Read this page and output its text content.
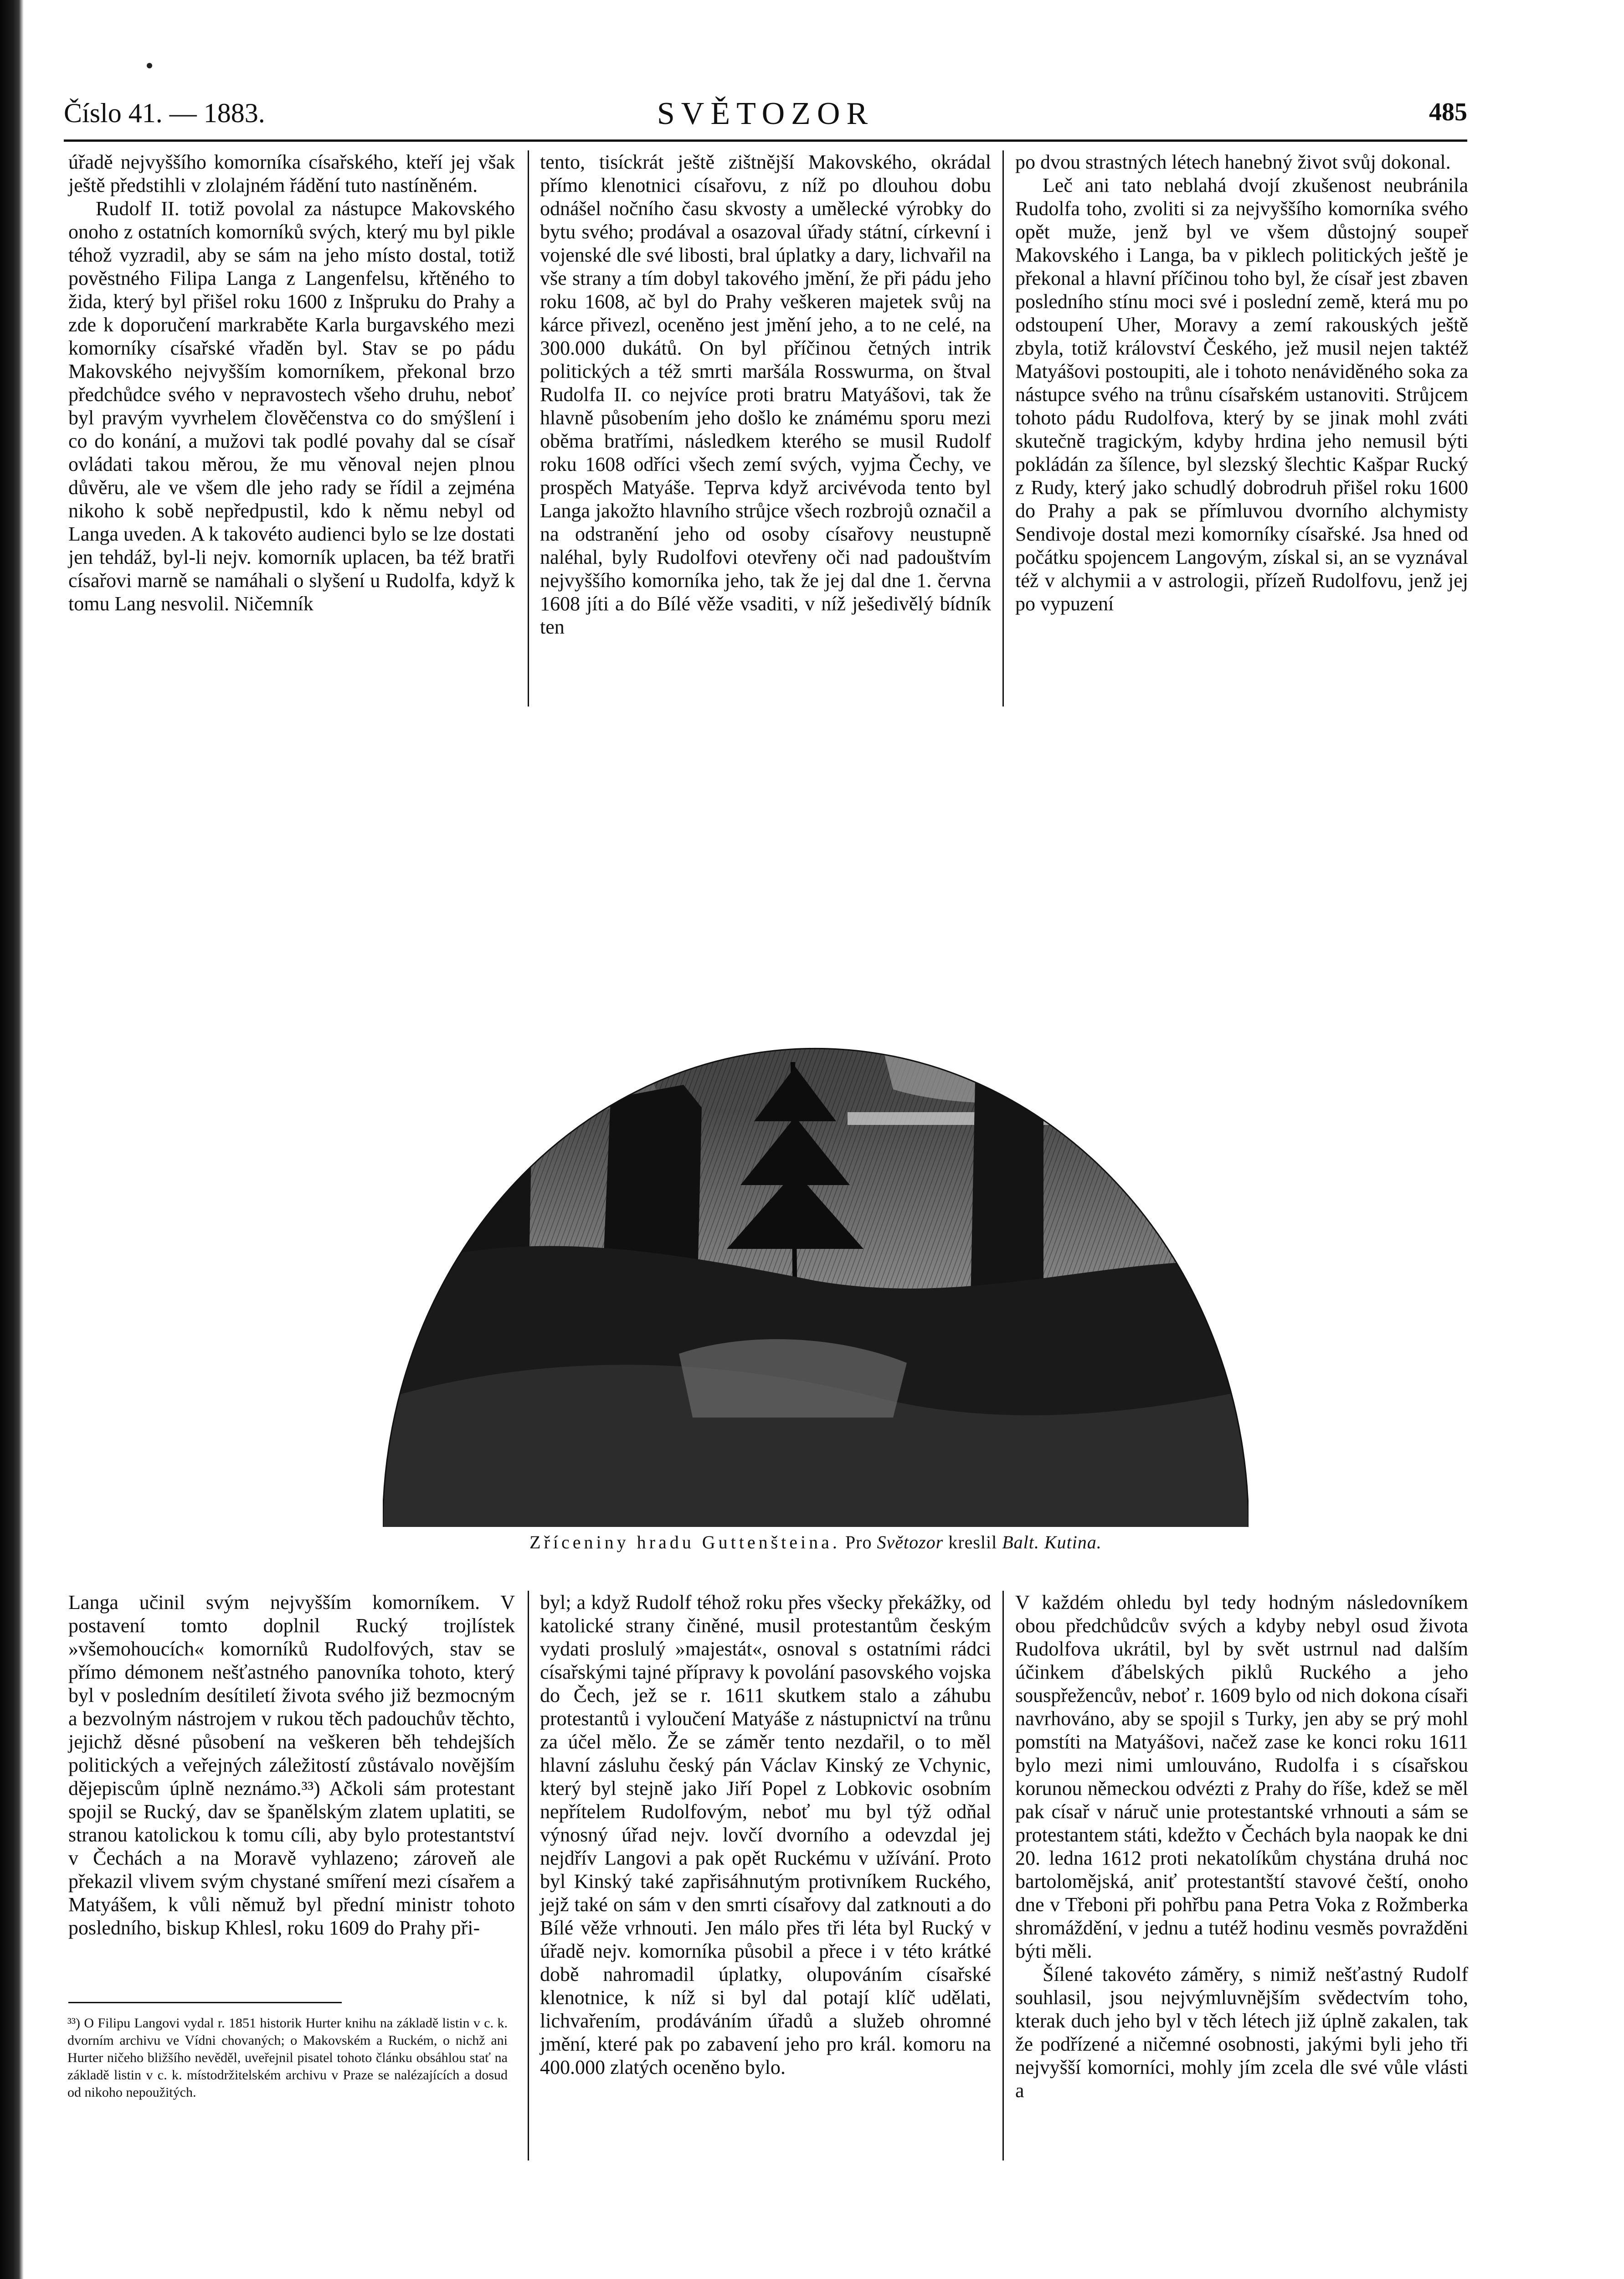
Číslo 41. — 1883.	SVĚTOZOR	485

úřadě nejvyššího komorníka císařského, kteří jej však ještě předstihli v zlolajném řádění tuto nastíněném.

Rudolf II. totiž povolal za nástupce Makovského onoho z ostatních komorníků svých, který mu byl pikle téhož vyzradil, aby se sám na jeho místo dostal, totiž pověstného Filipa Langa z Langenfelsu, křtěného to žida, který byl přišel roku 1600 z Inšpruku do Prahy a zde k doporučení markraběte Karla burgavského mezi komorníky císařské vřaděn byl. Stav se po pádu Makovského nejvyšším komorníkem, překonal brzo předchůdce svého v nepravostech všeho druhu, neboť byl pravým vyvrhelem člověčenstva co do smýšlení i co do konání, a mužovi tak podlé povahy dal se císař ovládati takou měrou, že mu věnoval nejen plnou důvěru, ale ve všem dle jeho rady se řídil a zejména nikoho k sobě nepředpustil, kdo k němu nebyl od Langa uveden. A k takovéto audienci bylo se lze dostati jen tehdáž, byl-li nejv. komorník uplacen, ba též bratři císařovi marně se namáhali o slyšení u Rudolfa, když k tomu Lang nesvolil. Ničemník

tento, tisíckrát ještě zištnější Makovského, okrádal přímo klenotnici císařovu, z níž po dlouhou dobu odnášel nočního času skvosty a umělecké výrobky do bytu svého; prodával a osazoval úřady státní, církevní i vojenské dle své libosti, bral úplatky a dary, lichvařil na vše strany a tím dobyl takového jmění, že při pádu jeho roku 1608, ač byl do Prahy veškeren majetek svůj na kárce přivezl, oceněno jest jmění jeho, a to ne celé, na 300.000 dukátů. On byl příčinou četných intrik politických a též smrti maršála Rosswurma, on štval Rudolfa II. co nejvíce proti bratru Matyášovi, tak že hlavně působením jeho došlo ke známému sporu mezi oběma bratřími, následkem kterého se musil Rudolf roku 1608 odříci všech zemí svých, vyjma Čechy, ve prospěch Matyáše. Teprva když arcivévoda tento byl Langa jakožto hlavního strůjce všech rozbrojů označil a na odstranění jeho od osoby císařovy neustupně naléhal, byly Rudolfovi otevřeny oči nad padouštvím nejvyššího komorníka jeho, tak že jej dal dne 1. června 1608 jíti a do Bílé věže vsaditi, v níž ješedivělý bídník ten

po dvou strastných létech hanebný život svůj dokonal.

Leč ani tato neblahá dvojí zkušenost neubránila Rudolfa toho, zvoliti si za nejvyššího komorníka svého opět muže, jenž byl ve všem důstojný soupeř Makovského i Langa, ba v piklech politických ještě je překonal a hlavní příčinou toho byl, že císař jest zbaven posledního stínu moci své i poslední země, která mu po odstoupení Uher, Moravy a zemí rakouských ještě zbyla, totiž království Českého, jež musil nejen taktéž Matyášovi postoupiti, ale i tohoto nenáviděného soka za nástupce svého na trůnu císařském ustanoviti. Strůjcem tohoto pádu Rudolfova, který by se jinak mohl zváti skutečně tragickým, kdyby hrdina jeho nemusil býti pokládán za šílence, byl slezský šlechtic Kašpar Rucký z Rudy, který jako schudlý dobrodruh přišel roku 1600 do Prahy a pak se přímluvou dvorního alchymisty Sendivoje dostal mezi komorníky císařské. Jsa hned od počátku spojencem Langovým, získal si, an se vyznával též v alchymii a v astrologii, přízeň Rudolfovu, jenž jej po vypuzení

Zříceniny hradu Guttenšteina. Pro Světozor kreslil Balt. Kutina.

Langa učinil svým nejvyšším komorníkem. V postavení tomto doplnil Rucký trojlístek »všemohoucích« komorníků Rudolfových, stav se přímo démonem nešťastného panovníka tohoto, který byl v posledním desítiletí života svého již bezmocným a bezvolným nástrojem v rukou těch padouchův těchto, jejichž děsné působení na veškeren běh tehdejších politických a veřejných záležitostí zůstávalo novějším dějepiscům úplně neznámo.³³) Ačkoli sám protestant spojil se Rucký, dav se španělským zlatem uplatiti, se stranou katolickou k tomu cíli, aby bylo protestantství v Čechách a na Moravě vyhlazeno; zároveň ale překazil vlivem svým chystané smíření mezi císařem a Matyášem, k vůli němuž byl přední ministr tohoto posledního, biskup Khlesl, roku 1609 do Prahy při-

³³) O Filipu Langovi vydal r. 1851 historik Hurter knihu na základě listin v c. k. dvorním archivu ve Vídni chovaných; o Makovském a Ruckém, o nichž ani Hurter ničeho bližšího nevěděl, uveřejnil pisatel tohoto článku obsáhlou stať na základě listin v c. k. místodržitelském archivu v Praze se nalézajících a dosud od nikoho nepoužitých.

byl; a když Rudolf téhož roku přes všecky překážky, od katolické strany činěné, musil protestantům českým vydati proslulý »majestát«, osnoval s ostatními rádci císařskými tajné přípravy k povolání pasovského vojska do Čech, jež se r. 1611 skutkem stalo a záhubu protestantů i vyloučení Matyáše z nástupnictví na trůnu za účel mělo. Že se záměr tento nezdařil, o to měl hlavní zásluhu český pán Václav Kinský ze Vchynic, který byl stejně jako Jiří Popel z Lobkovic osobním nepřítelem Rudolfovým, neboť mu byl týž odňal výnosný úřad nejv. lovčí dvorního a odevzdal jej nejdřív Langovi a pak opět Ruckému v užívání. Proto byl Kinský také zapřisáhnutým protivníkem Ruckého, jejž také on sám v den smrti císařovy dal zatknouti a do Bílé věže vrhnouti. Jen málo přes tři léta byl Rucký v úřadě nejv. komorníka působil a přece i v této krátké době nahromadil úplatky, olupováním císařské klenotnice, k níž si byl dal potají klíč udělati, lichvařením, prodáváním úřadů a služeb ohromné jmění, které pak po zabavení jeho pro král. komoru na 400.000 zlatých oceněno bylo.

V každém ohledu byl tedy hodným následovníkem obou předchůdcův svých a kdyby nebyl osud života Rudolfova ukrátil, byl by svět ustrnul nad dalším účinkem ďábelských piklů Ruckého a jeho souspřežencův, neboť r. 1609 bylo od nich dokona císaři navrhováno, aby se spojil s Turky, jen aby se prý mohl pomstíti na Matyášovi, načež zase ke konci roku 1611 bylo mezi nimi umlouváno, Rudolfa i s císařskou korunou německou odvézti z Prahy do říše, kdež se měl pak císař v náruč unie protestantské vrhnouti a sám se protestantem státi, kdežto v Čechách byla naopak ke dni 20. ledna 1612 proti nekatolíkům chystána druhá noc bartolomějská, aniť protestantští stavové čeští, onoho dne v Třeboni při pohřbu pana Petra Voka z Rožmberka shromáždění, v jednu a tutéž hodinu vesměs povražděni býti měli.

Šílené takovéto záměry, s nimiž nešťastný Rudolf souhlasil, jsou nejvýmluvnějším svědectvím toho, kterak duch jeho byl v těch létech již úplně zakalen, tak že podřízené a ničemné osobnosti, jakými byli jeho tři nejvyšší komorníci, mohly jím zcela dle své vůle vlásti a
